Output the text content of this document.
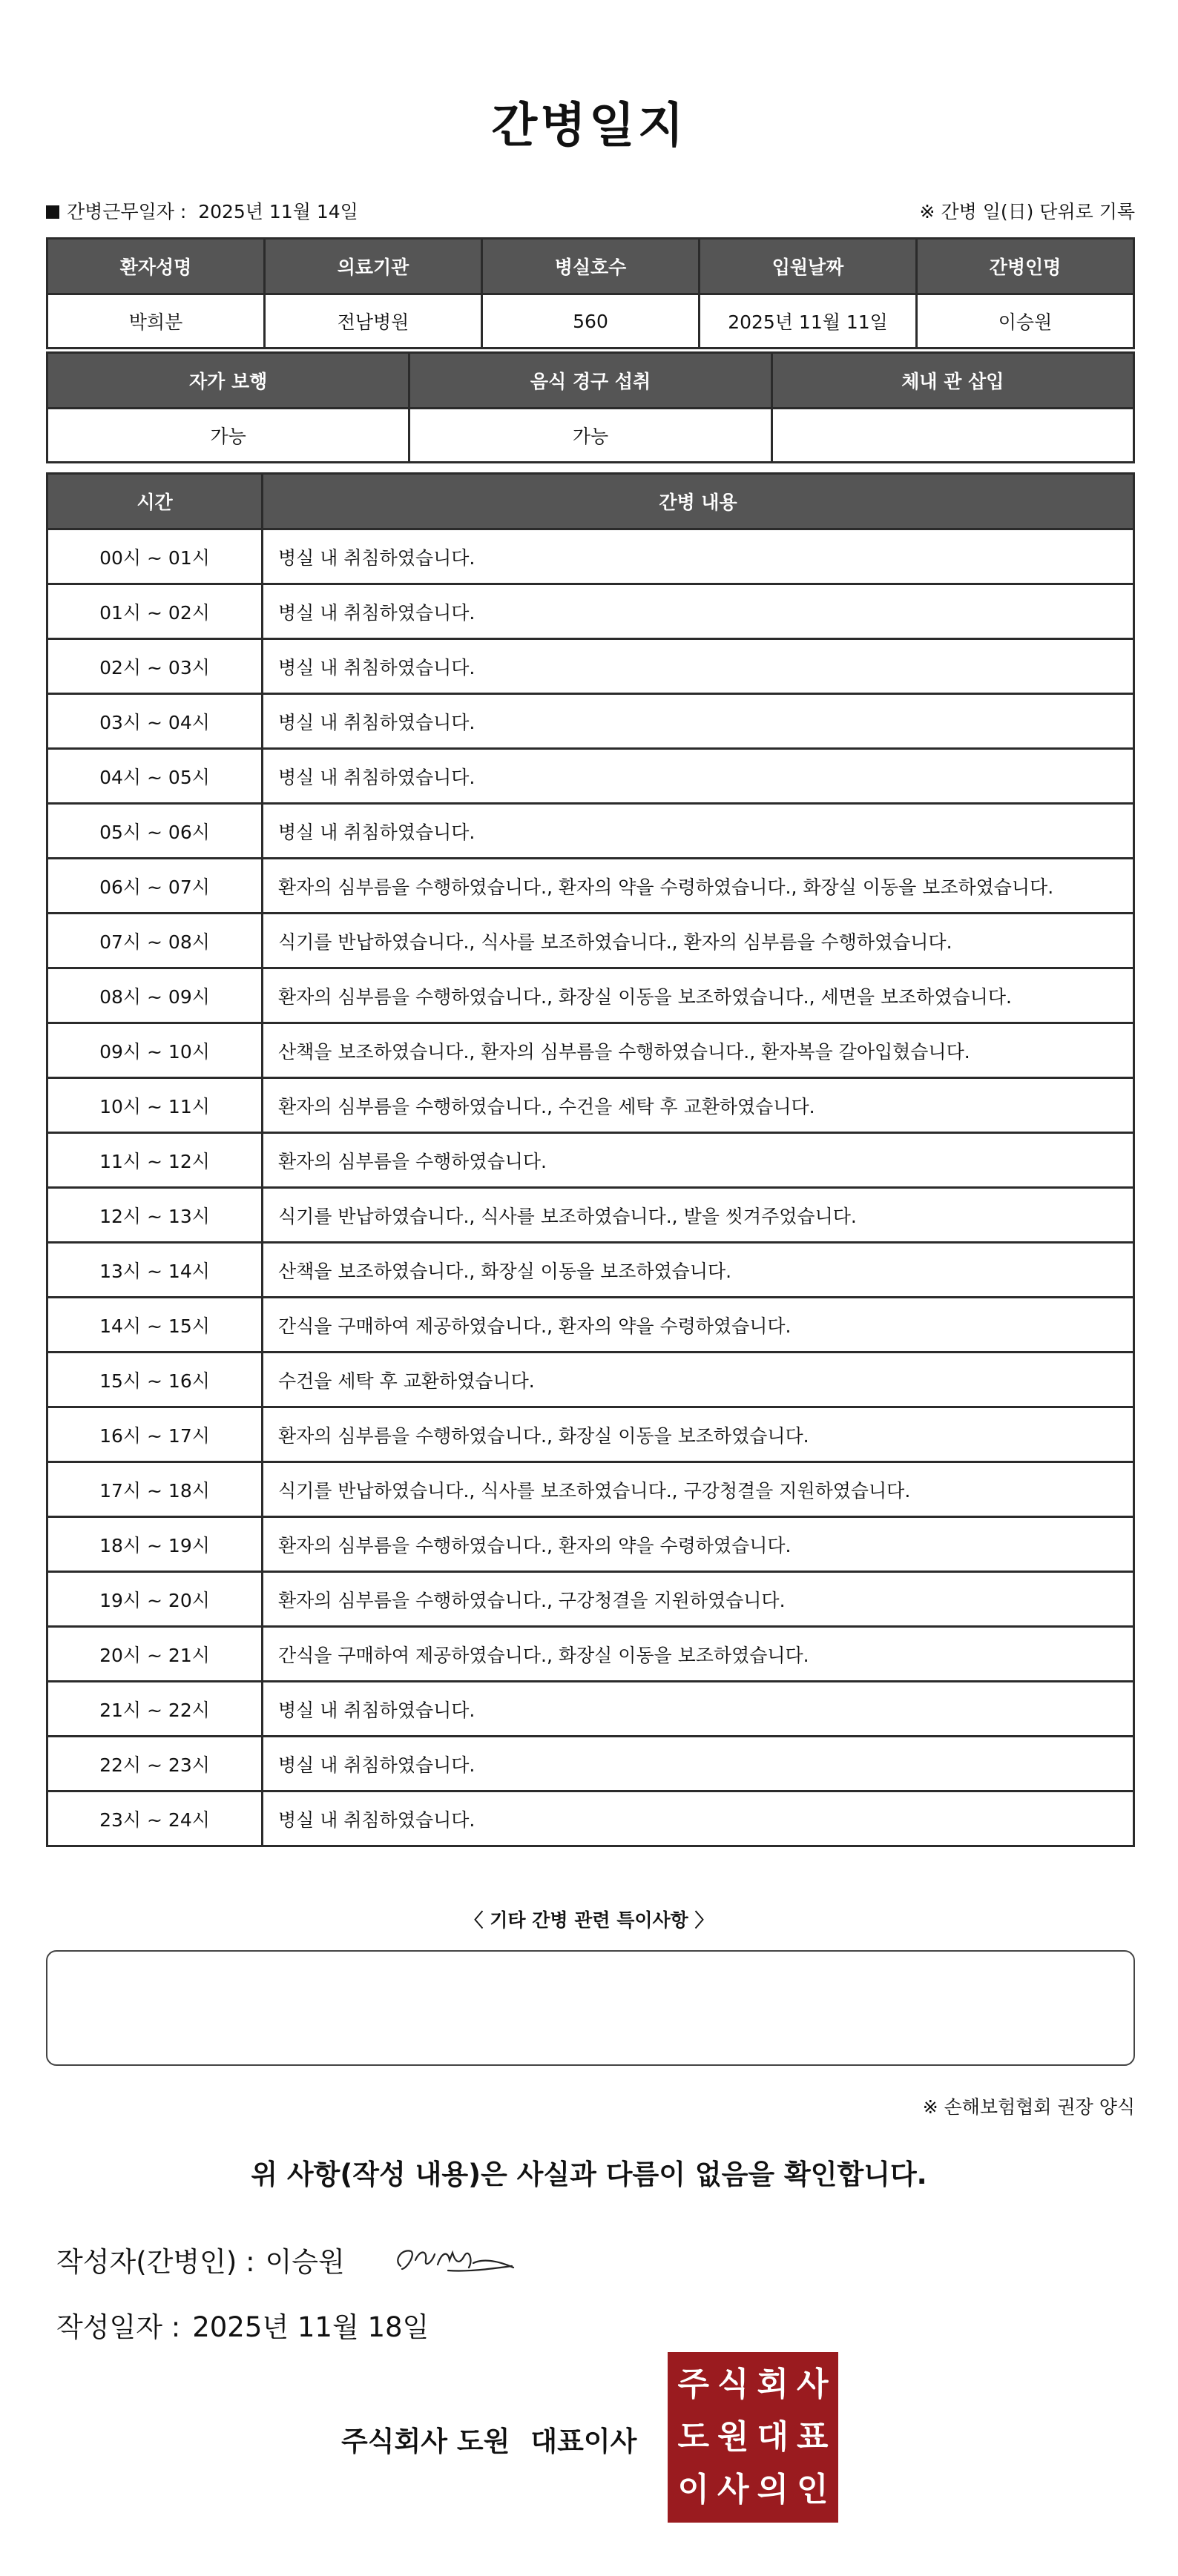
간병일지
간병근무일자 : 2025년 11월 14일	※ 간병 일(日) 단위로 기록
환자성명	의료기관	병실호수	입원날짜	간병인명
박희분	전남병원	560	2025년 11월 11일	이승원
자가 보행	음식 경구 섭취	체내 관 삽입
가능	가능	
시간	간병 내용
00시 ~ 01시	병실 내 취침하였습니다.
01시 ~ 02시	병실 내 취침하였습니다.
02시 ~ 03시	병실 내 취침하였습니다.
03시 ~ 04시	병실 내 취침하였습니다.
04시 ~ 05시	병실 내 취침하였습니다.
05시 ~ 06시	병실 내 취침하였습니다.
06시 ~ 07시	환자의 심부름을 수행하였습니다., 환자의 약을 수령하였습니다., 화장실 이동을 보조하였습니다.
07시 ~ 08시	식기를 반납하였습니다., 식사를 보조하였습니다., 환자의 심부름을 수행하였습니다.
08시 ~ 09시	환자의 심부름을 수행하였습니다., 화장실 이동을 보조하였습니다., 세면을 보조하였습니다.
09시 ~ 10시	산책을 보조하였습니다., 환자의 심부름을 수행하였습니다., 환자복을 갈아입혔습니다.
10시 ~ 11시	환자의 심부름을 수행하였습니다., 수건을 세탁 후 교환하였습니다.
11시 ~ 12시	환자의 심부름을 수행하였습니다.
12시 ~ 13시	식기를 반납하였습니다., 식사를 보조하였습니다., 발을 씻겨주었습니다.
13시 ~ 14시	산책을 보조하였습니다., 화장실 이동을 보조하였습니다.
14시 ~ 15시	간식을 구매하여 제공하였습니다., 환자의 약을 수령하였습니다.
15시 ~ 16시	수건을 세탁 후 교환하였습니다.
16시 ~ 17시	환자의 심부름을 수행하였습니다., 화장실 이동을 보조하였습니다.
17시 ~ 18시	식기를 반납하였습니다., 식사를 보조하였습니다., 구강청결을 지원하였습니다.
18시 ~ 19시	환자의 심부름을 수행하였습니다., 환자의 약을 수령하였습니다.
19시 ~ 20시	환자의 심부름을 수행하였습니다., 구강청결을 지원하였습니다.
20시 ~ 21시	간식을 구매하여 제공하였습니다., 화장실 이동을 보조하였습니다.
21시 ~ 22시	병실 내 취침하였습니다.
22시 ~ 23시	병실 내 취침하였습니다.
23시 ~ 24시	병실 내 취침하였습니다.
〈 기타 간병 관련 특이사항 〉
※ 손해보험협회 권장 양식
위 사항(작성 내용)은 사실과 다름이 없음을 확인합니다.
작성자(간병인) : 이승원
작성일자 : 2025년 11월 18일
주식회사 도원 대표이사
주 식 회 사
도 원 대 표
이 사 의 인
